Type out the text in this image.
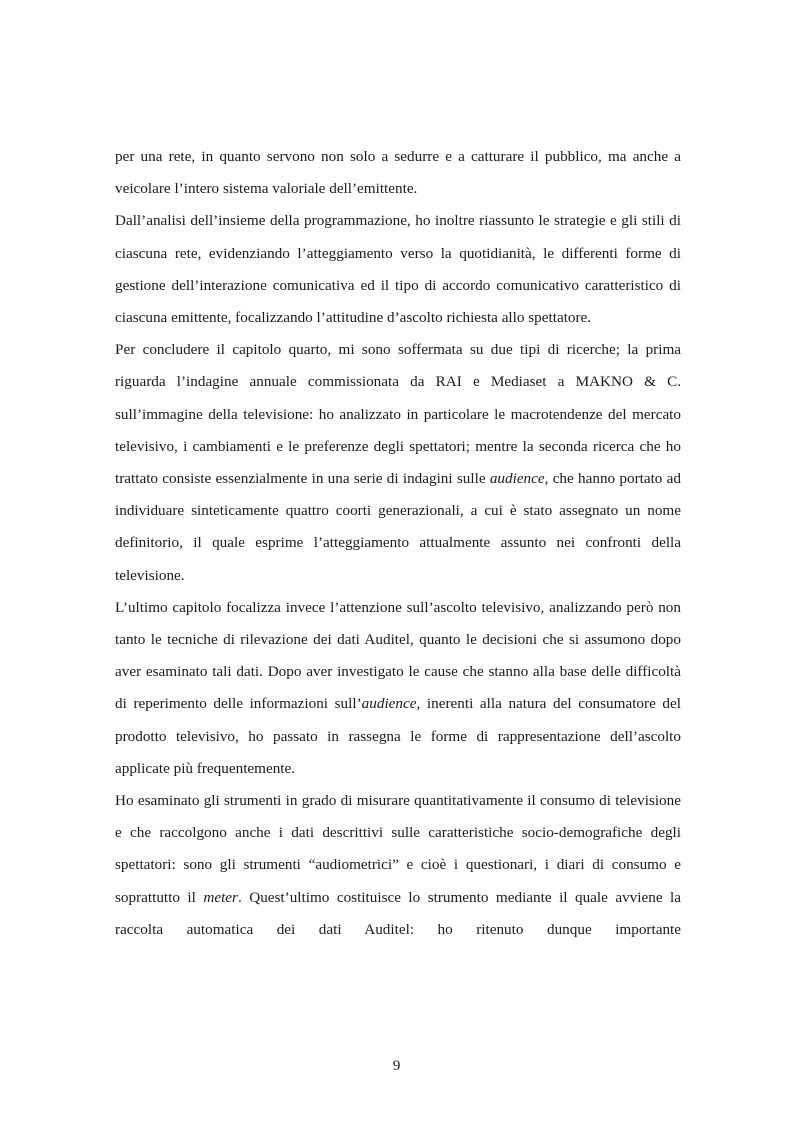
per una rete, in quanto servono non solo a sedurre e a catturare il pubblico, ma anche a veicolare l’intero sistema valoriale dell’emittente.

Dall’analisi dell’insieme della programmazione, ho inoltre riassunto le strategie e gli stili di ciascuna rete, evidenziando l’atteggiamento verso la quotidianità, le differenti forme di gestione dell’interazione comunicativa ed il tipo di accordo comunicativo caratteristico di ciascuna emittente, focalizzando l’attitudine d’ascolto richiesta allo spettatore.

Per concludere il capitolo quarto, mi sono soffermata su due tipi di ricerche; la prima riguarda l’indagine annuale commissionata da RAI e Mediaset a MAKNO & C. sull’immagine della televisione: ho analizzato in particolare le macrotendenze del mercato televisivo, i cambiamenti e le preferenze degli spettatori; mentre la seconda ricerca che ho trattato consiste essenzialmente in una serie di indagini sulle audience, che hanno portato ad individuare sinteticamente quattro coorti generazionali, a cui è stato assegnato un nome definitorio, il quale esprime l’atteggiamento attualmente assunto nei confronti della televisione.

L’ultimo capitolo focalizza invece l’attenzione sull’ascolto televisivo, analizzando però non tanto le tecniche di rilevazione dei dati Auditel, quanto le decisioni che si assumono dopo aver esaminato tali dati. Dopo aver investigato le cause che stanno alla base delle difficoltà di reperimento delle informazioni sull’audience, inerenti alla natura del consumatore del prodotto televisivo, ho passato in rassegna le forme di rappresentazione dell’ascolto applicate più frequentemente.

Ho esaminato gli strumenti in grado di misurare quantitativamente il consumo di televisione e che raccolgono anche i dati descrittivi sulle caratteristiche socio-demografiche degli spettatori: sono gli strumenti “audiometrici” e cioè i questionari, i diari di consumo e soprattutto il meter. Quest’ultimo costituisce lo strumento mediante il quale avviene la raccolta automatica dei dati Auditel: ho ritenuto dunque importante

9
